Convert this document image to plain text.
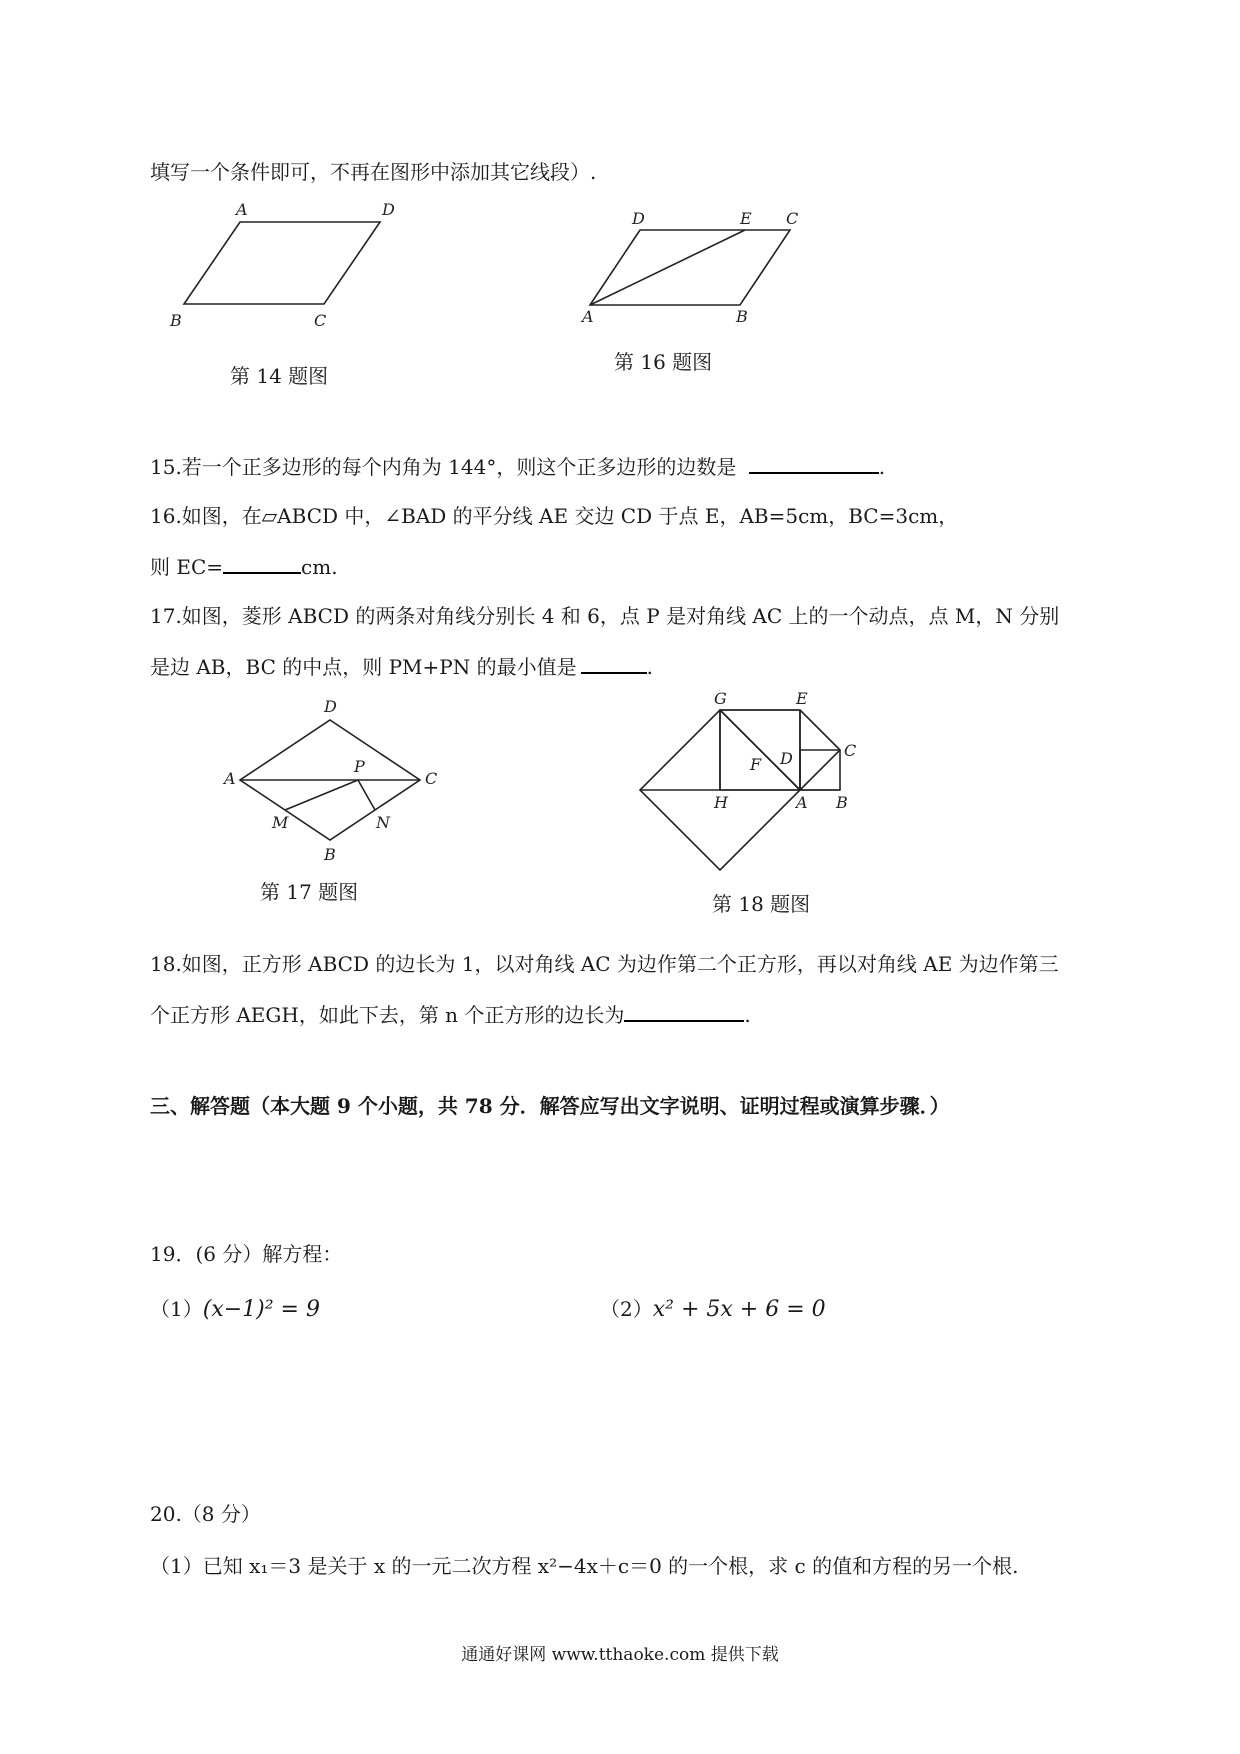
填写一个条件即可，不再在图形中添加其它线段）.
A	D
B	C
第 14 题图
D	E C
A	B
第 16 题图
15.若一个正多边形的每个内角为 144°，则这个正多边形的边数是	.
16.如图，在▱ABCD 中，∠BAD 的平分线 AE 交边 CD 于点 E，AB=5cm，BC=3cm，
则 EC=	cm.
17.如图，菱形 ABCD 的两条对角线分别长 4 和 6，点 P 是对角线 AC 上的一个动点，点 M，N 分别
是边 AB，BC 的中点，则 PM+PN 的最小值是	.
D
A	C
P
M	N
B
第 17 题图
G	E
D
F
C
H	A B
第 18 题图
18.如图，正方形 ABCD 的边长为 1，以对角线 AC 为边作第二个正方形，再以对角线 AE 为边作第三
个正方形 AEGH，如此下去，第 n 个正方形的边长为	.
三、解答题（本大题 9 个小题，共 78 分．解答应写出文字说明、证明过程或演算步骤．）
19．(6 分）解方程：
（1）(x−1)² = 9	（2）x² + 5x + 6 = 0
20.（8 分）
（1）已知 x₁＝3 是关于 x 的一元二次方程 x²−4x＋c＝0 的一个根，求 c 的值和方程的另一个根.
通通好课网 www.tthaoke.com 提供下载
